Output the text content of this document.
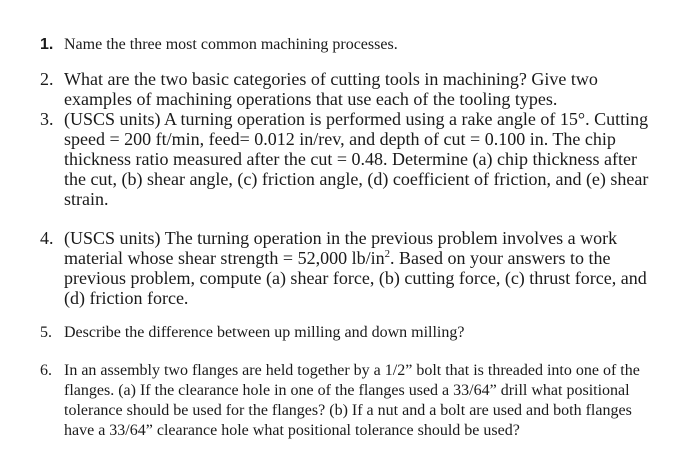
1. Name the three most common machining processes.
2. What are the two basic categories of cutting tools in machining? Give two
examples of machining operations that use each of the tooling types.
3. (USCS units) A turning operation is performed using a rake angle of 15°. Cutting
speed = 200 ft/min, feed= 0.012 in/rev, and depth of cut = 0.100 in. The chip
thickness ratio measured after the cut = 0.48. Determine (a) chip thickness after
the cut, (b) shear angle, (c) friction angle, (d) coefficient of friction, and (e) shear
strain.
4. (USCS units) The turning operation in the previous problem involves a work
material whose shear strength = 52,000 $lb/in^2$. Based on your answers to the
previous problem, compute (a) shear force, (b) cutting force, (c) thrust force, and
(d) friction force.
5. Describe the difference between up milling and down milling?
6. In an assembly two flanges are held together by a 1/2” bolt that is threaded into one of the
flanges. (a) If the clearance hole in one of the flanges used a 33/64” drill what positional
tolerance should be used for the flanges? (b) If a nut and a bolt are used and both flanges
have a 33/64” clearance hole what positional tolerance should be used?
